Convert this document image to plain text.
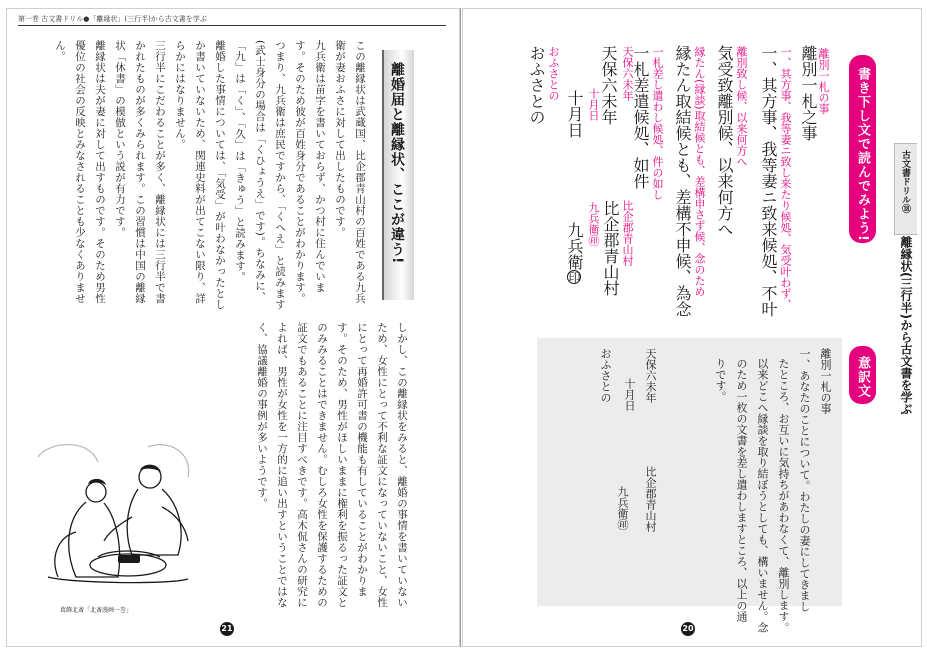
第一巻 古文書ドリル●「離縁状」(三行半)から古文書を学ぶ
古文書ドリル⑱
離縁状(三行半)から古文書を学ぶ
書き下し文で読んでみよう!
意訳文
離別一札の事
離別一札之事
一、其方事、我等妻ニ致し来たり候処、気受叶わず、
一、其方事、我等妻ニ致来候処、不叶
離別致し候、以来何方へ
気受致離別候、以来何方へ
縁たん(縁談)取結候とも、差構申さず候、念のため
縁たん取結候とも、差構不申候、為念
一札差し遣わし候処、件の如し
一札差遣候処、如件
比企郡青山村
比企郡青山村
天保六未年
天保六未年
九兵衛㊞
九兵衛印
十月日
十月日
おふさとの
おふさとの
離別一札の事
一、あなたのことについて。わたしの妻にしてきまし
たところ、お互いに気持ちがあわなくて、離別します。
以来どこへ縁談を取り結ぼうとしても、構いません。念
のため一枚の文書を差し遣わしますところ、以上の通
りです。
天保六未年
十月日
おふさとの
比企郡青山村
九兵衛㊞
20
離婚届と離縁状、ここが違う!

この離縁状は武蔵国、比企郡青山村の百姓である九兵衛が妻おふさに対して出したものです。

九兵衛は苗字を書いておらず、かつ村に住んでいます。そのため彼が百姓身分であることがわかります。つまり、九兵衛は庶民ですから、「くへえ」と読みます(武士身分の場合は「くひょうえ」です)。ちなみに、「九」は「く」、「久」は「きゅう」と読みます。

離婚した事情については、「気受」が叶わなかったとしか書いていないため、関連史料が出てこない限り、詳らかにはなりません。

三行半にこだわることが多く、離縁状には三行半で書かれたものが多くみられます。この習慣は中国の離縁状「休書」の模倣という説が有力です。

離縁状は夫が妻に対して出すものです。そのため男性優位の社会の反映とみなされることも少なくありません。

しかし、この離縁状をみると、離婚の事情を書いていないため、女性にとって不利な証文になっていないこと、女性にとって再婚許可書の機能も有していることがわかります。そのため、男性がほしいままに権利を振るった証文とのみみることはできません。むしろ女性を保護するための証文でもあることに注目すべきです。高木侃さんの研究によれば、男性が女性を一方的に追い出すということではなく、協議離婚の事例が多いようです。

葛飾北斎「北斎漫画一巻」
21
